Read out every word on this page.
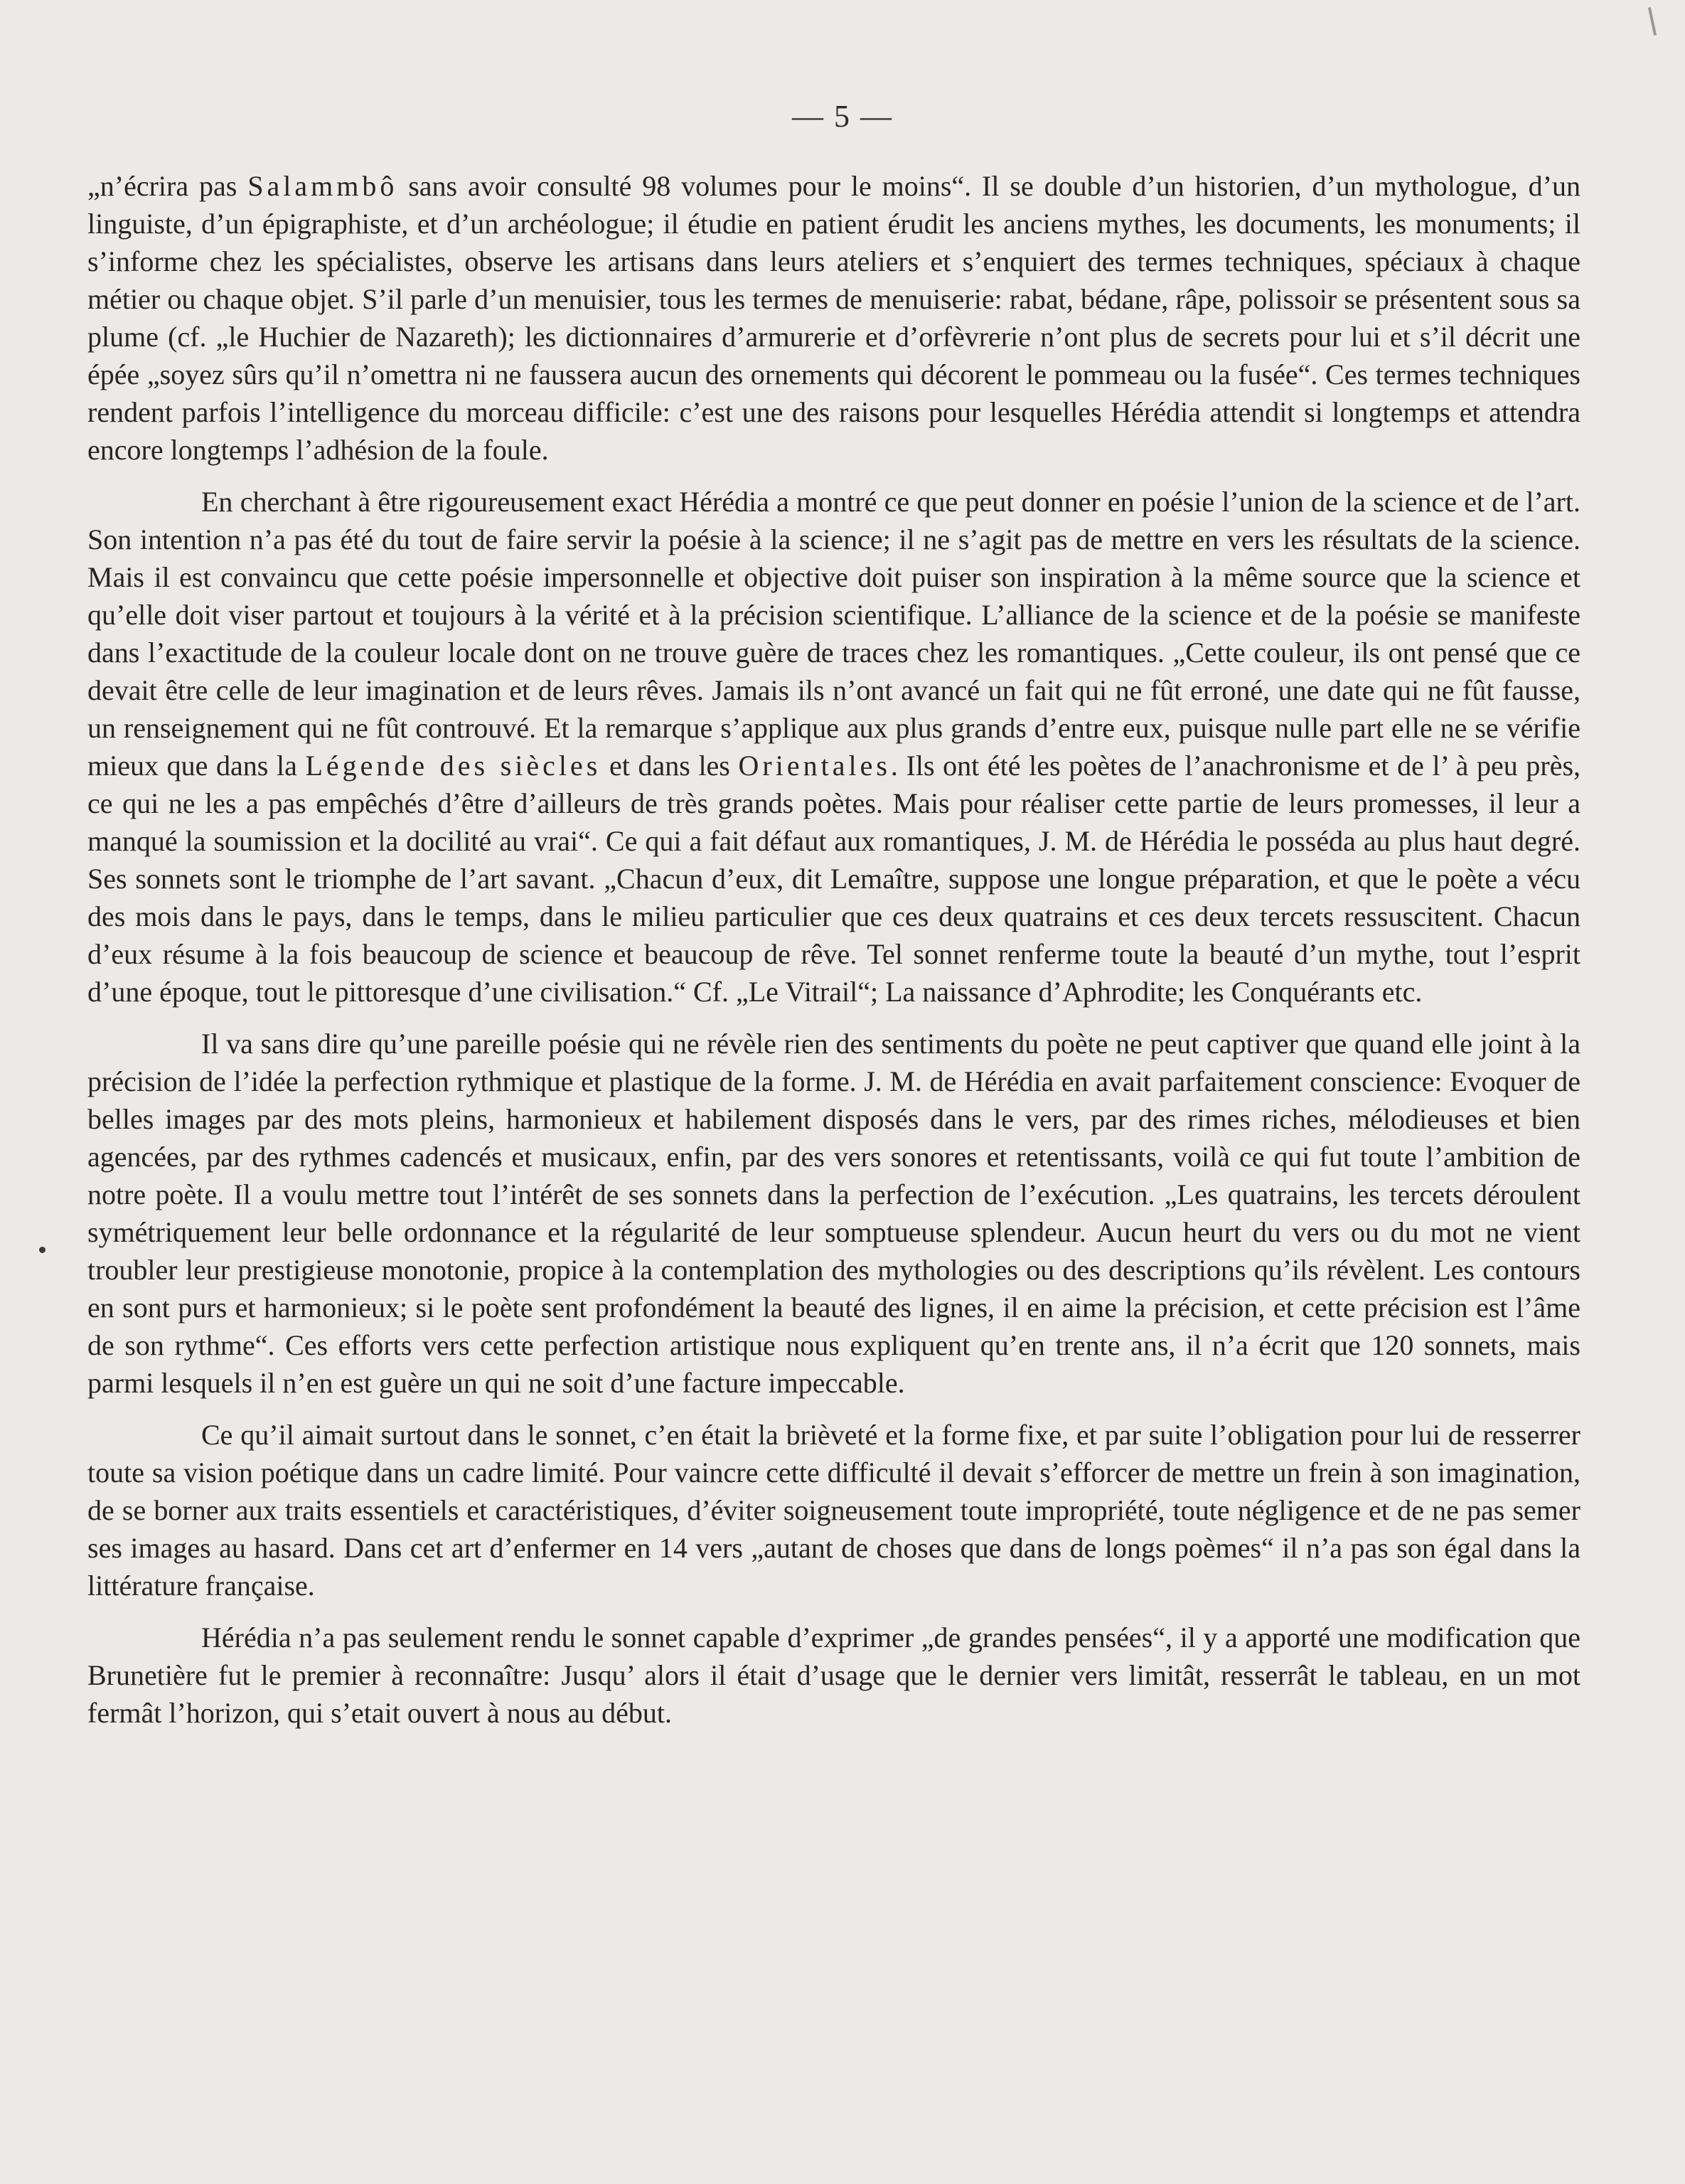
— 5 —

„n’écrira pas Salammbô sans avoir consulté 98 volumes pour le moins“. Il se double d’un historien, d’un mythologue, d’un linguiste, d’un épigraphiste, et d’un archéologue; il étudie en patient érudit les anciens mythes, les documents, les monuments; il s’informe chez les spécialistes, observe les artisans dans leurs ateliers et s’enquiert des termes techniques, spéciaux à chaque métier ou chaque objet. S’il parle d’un menuisier, tous les termes de menuiserie: rabat, bédane, râpe, polissoir se présentent sous sa plume (cf. „le Huchier de Nazareth); les dictionnaires d’armurerie et d’orfèvrerie n’ont plus de secrets pour lui et s’il décrit une épée „soyez sûrs qu’il n’omettra ni ne faussera aucun des ornements qui décorent le pommeau ou la fusée“. Ces termes techniques rendent parfois l’intelligence du morceau difficile: c’est une des raisons pour lesquelles Hérédia attendit si longtemps et attendra encore longtemps l’adhésion de la foule.

En cherchant à être rigoureusement exact Hérédia a montré ce que peut donner en poésie l’union de la science et de l’art. Son intention n’a pas été du tout de faire servir la poésie à la science; il ne s’agit pas de mettre en vers les résultats de la science. Mais il est convaincu que cette poésie impersonnelle et objective doit puiser son inspiration à la même source que la science et qu’elle doit viser partout et toujours à la vérité et à la précision scientifique. L’alliance de la science et de la poésie se manifeste dans l’exactitude de la couleur locale dont on ne trouve guère de traces chez les romantiques. „Cette couleur, ils ont pensé que ce devait être celle de leur imagination et de leurs rêves. Jamais ils n’ont avancé un fait qui ne fût erroné, une date qui ne fût fausse, un renseignement qui ne fût controuvé. Et la remarque s’applique aux plus grands d’entre eux, puisque nulle part elle ne se vérifie mieux que dans la Légende des siècles et dans les Orientales. Ils ont été les poètes de l’anachronisme et de l’ à peu près, ce qui ne les a pas empêchés d’être d’ailleurs de très grands poètes. Mais pour réaliser cette partie de leurs promesses, il leur a manqué la soumission et la docilité au vrai“. Ce qui a fait défaut aux romantiques, J. M. de Hérédia le posséda au plus haut degré. Ses sonnets sont le triomphe de l’art savant. „Chacun d’eux, dit Lemaître, suppose une longue préparation, et que le poète a vécu des mois dans le pays, dans le temps, dans le milieu particulier que ces deux quatrains et ces deux tercets ressuscitent. Chacun d’eux résume à la fois beaucoup de science et beaucoup de rêve. Tel sonnet renferme toute la beauté d’un mythe, tout l’esprit d’une époque, tout le pittoresque d’une civilisation.“ Cf. „Le Vitrail“; La naissance d’Aphrodite; les Conquérants etc.

Il va sans dire qu’une pareille poésie qui ne révèle rien des sentiments du poète ne peut captiver que quand elle joint à la précision de l’idée la perfection rythmique et plastique de la forme. J. M. de Hérédia en avait parfaitement conscience: Evoquer de belles images par des mots pleins, harmonieux et habilement disposés dans le vers, par des rimes riches, mélodieuses et bien agencées, par des rythmes cadencés et musicaux, enfin, par des vers sonores et retentissants, voilà ce qui fut toute l’ambition de notre poète. Il a voulu mettre tout l’intérêt de ses sonnets dans la perfection de l’exécution. „Les quatrains, les tercets déroulent symétriquement leur belle ordonnance et la régularité de leur somptueuse splendeur. Aucun heurt du vers ou du mot ne vient troubler leur prestigieuse monotonie, propice à la contemplation des mythologies ou des descriptions qu’ils révèlent. Les contours en sont purs et harmonieux; si le poète sent profondément la beauté des lignes, il en aime la précision, et cette précision est l’âme de son rythme“. Ces efforts vers cette perfection artistique nous expliquent qu’en trente ans, il n’a écrit que 120 sonnets, mais parmi lesquels il n’en est guère un qui ne soit d’une facture impeccable.

Ce qu’il aimait surtout dans le sonnet, c’en était la brièveté et la forme fixe, et par suite l’obligation pour lui de resserrer toute sa vision poétique dans un cadre limité. Pour vaincre cette difficulté il devait s’efforcer de mettre un frein à son imagination, de se borner aux traits essentiels et caractéristiques, d’éviter soigneusement toute impropriété, toute négligence et de ne pas semer ses images au hasard. Dans cet art d’enfermer en 14 vers „autant de choses que dans de longs poèmes“ il n’a pas son égal dans la littérature française.

Hérédia n’a pas seulement rendu le sonnet capable d’exprimer „de grandes pensées“, il y a apporté une modification que Brunetière fut le premier à reconnaître: Jusqu’ alors il était d’usage que le dernier vers limitât, resserrât le tableau, en un mot fermât l’horizon, qui s’etait ouvert à nous au début.
